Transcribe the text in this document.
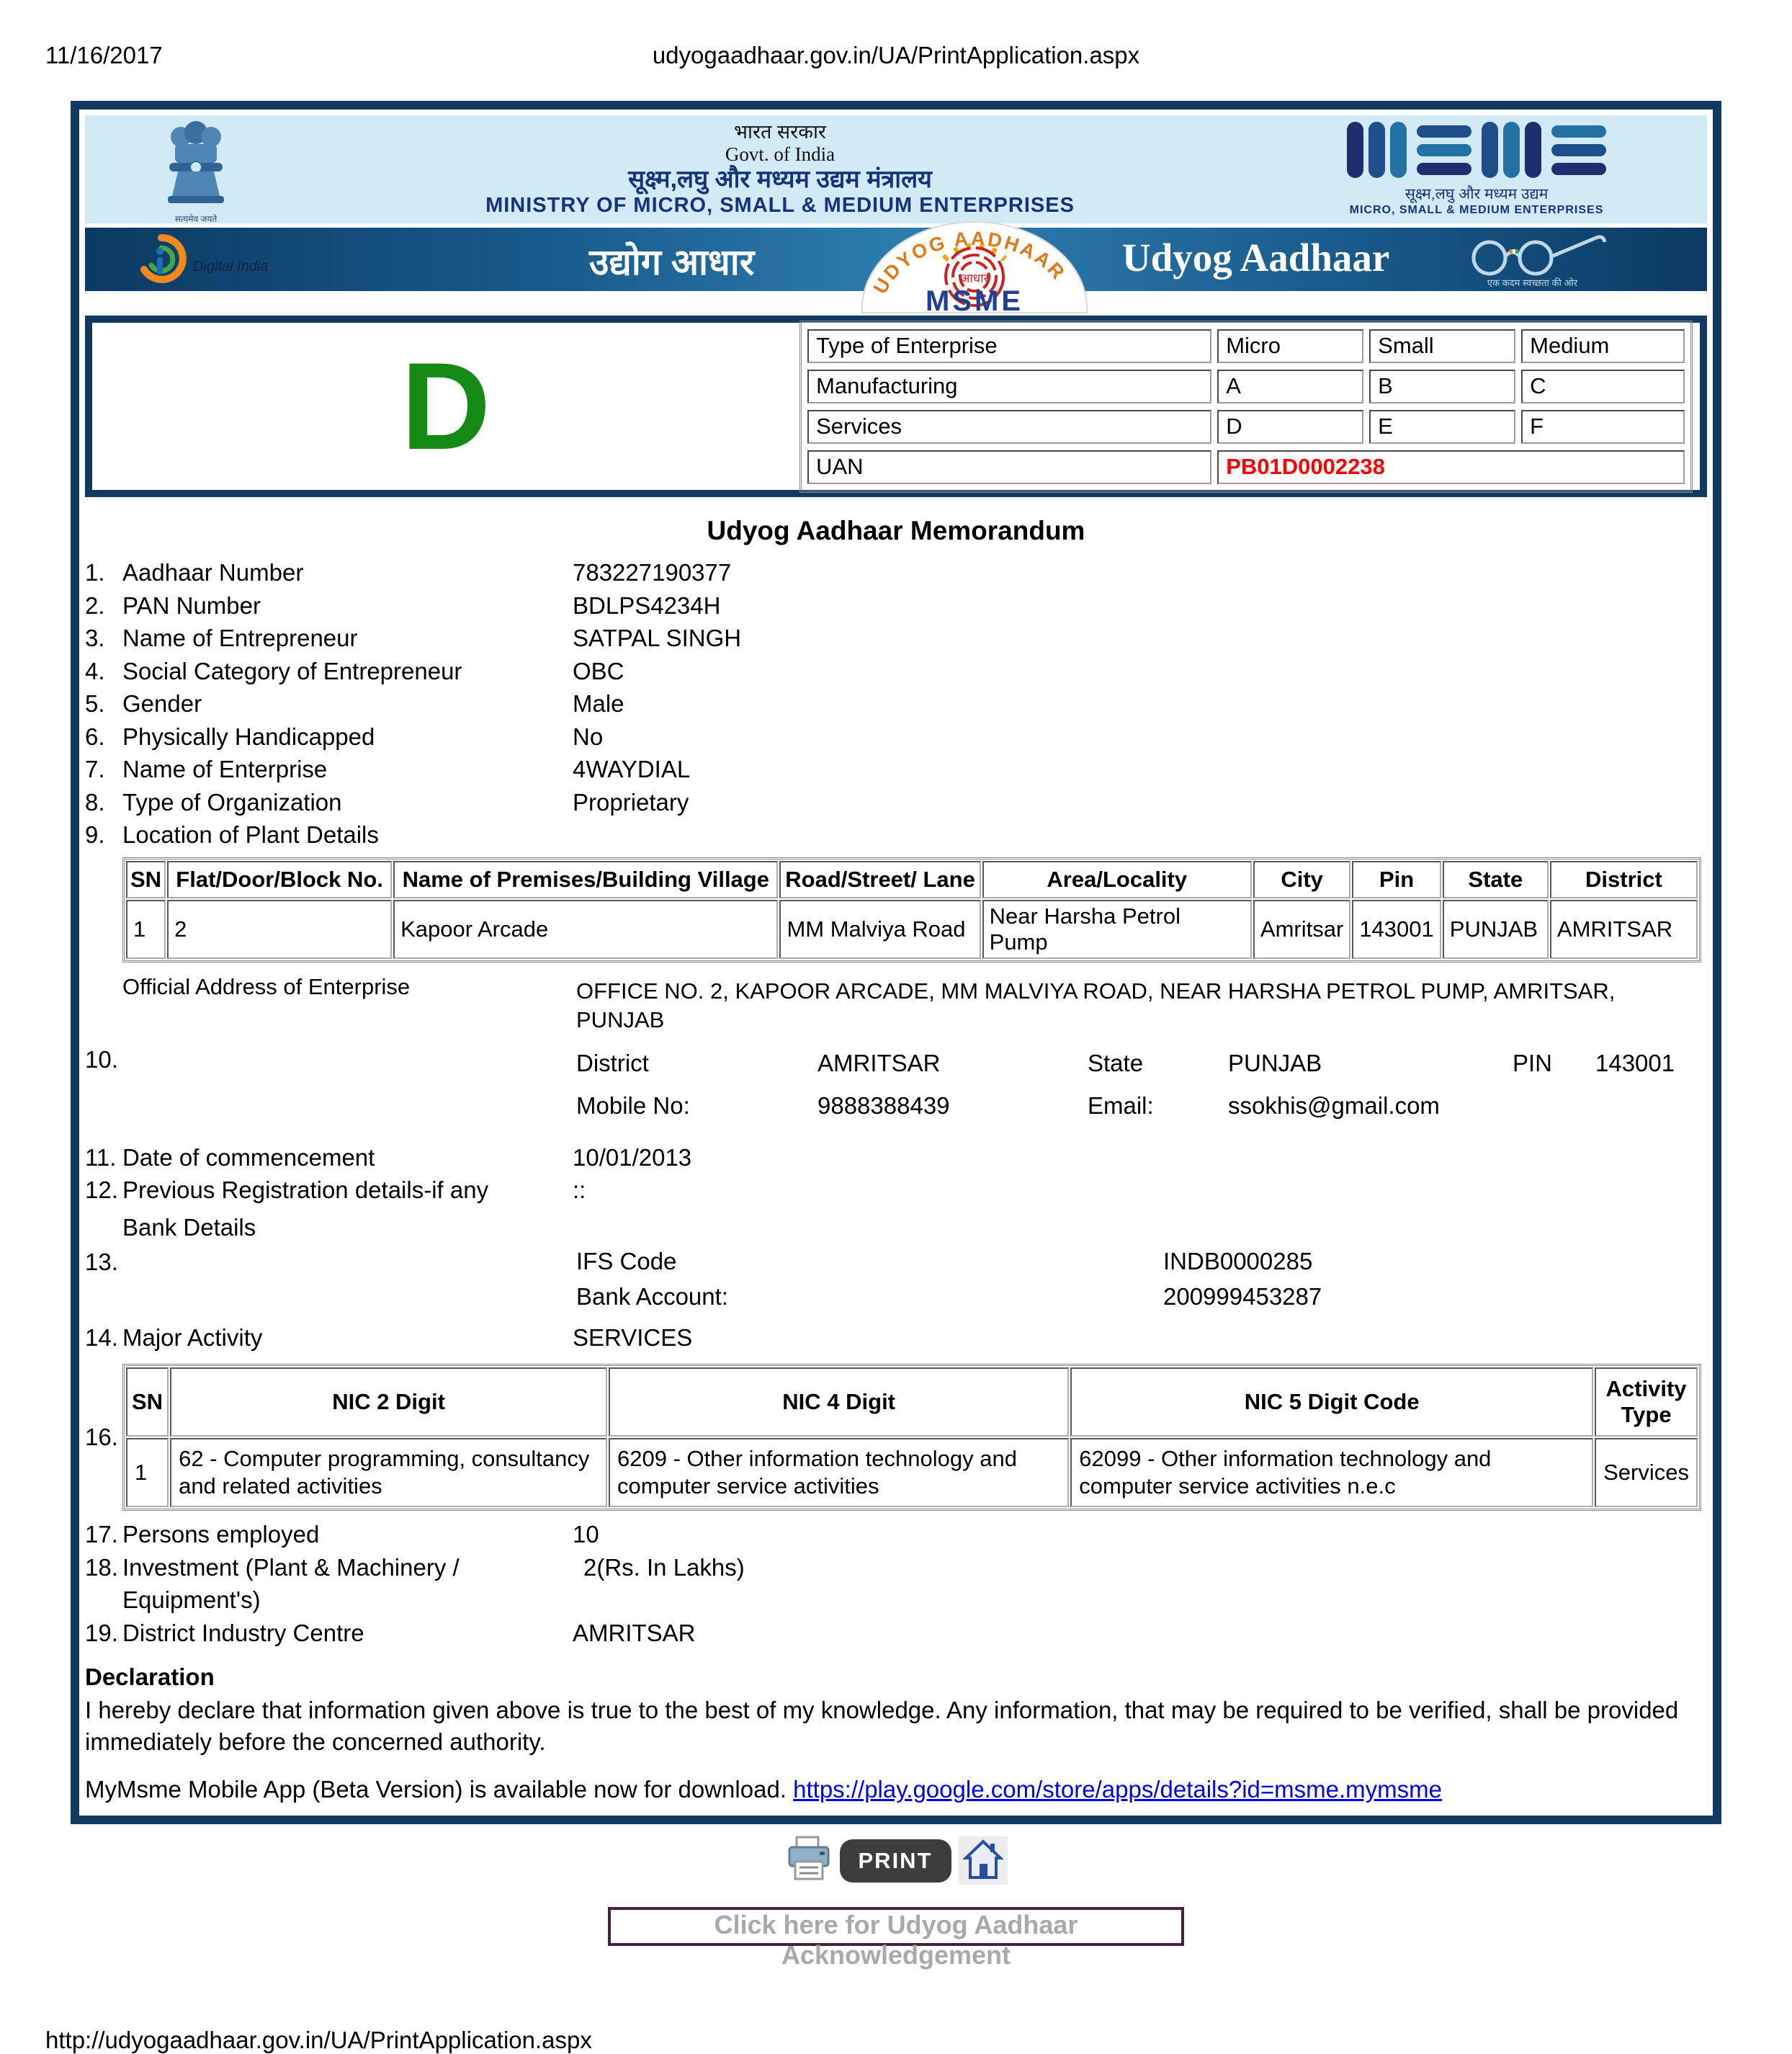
11/16/2017	udyogaadhaar.gov.in/UA/PrintApplication.aspx
सत्यमेव जयते
भारत सरकार
Govt. of India
सूक्ष्म,लघु और मध्यम उद्यम मंत्रालय
MINISTRY OF MICRO, SMALL & MEDIUM ENTERPRISES	सूक्ष्म,लघु और मध्यम उद्यम
MICRO, SMALL & MEDIUM ENTERPRISES
Digital India	उद्योग आधार
UDYOG AADHAAR
आधार
MSME
Udyog Aadhaar
एक कदम स्वच्छता की ओर
D	Type of Enterprise	Micro	Small	Medium
Manufacturing	A	B	C
Services	D	E	F
UAN	PB01D0002238		
Udyog Aadhaar Memorandum
1. Aadhaar Number	783227190377
2. PAN Number	BDLPS4234H
3. Name of Entrepreneur	SATPAL SINGH
4. Social Category of Entrepreneur	OBC
5. Gender	Male
6. Physically Handicapped	No
7. Name of Enterprise	4WAYDIAL
8. Type of Organization	Proprietary
9. Location of Plant Details
SN	Flat/Door/Block No.	Name of Premises/Building Village	Road/Street/ Lane	Area/Locality	City	Pin	State	District
1	2	Kapoor Arcade	MM Malviya Road	Near Harsha Petrol Pump	Amritsar	143001	PUNJAB	AMRITSAR
Official Address of Enterprise	OFFICE NO. 2, KAPOOR ARCADE, MM MALVIYA ROAD, NEAR HARSHA PETROL PUMP, AMRITSAR, PUNJAB
10.	District	AMRITSAR	State	PUNJAB	PIN	143001
Mobile No:	9888388439	Email:	ssokhis@gmail.com
11. Date of commencement	10/01/2013
12. Previous Registration details-if any	::
13.
Bank Details
IFS Code	INDB0000285
Bank Account:	200999453287
14. Major Activity	SERVICES
16.
SN	NIC 2 Digit	NIC 4 Digit	NIC 5 Digit Code	Activity Type
1	62 - Computer programming, consultancy and related activities	6209 - Other information technology and computer service activities	62099 - Other information technology and computer service activities n.e.c	Services
17. Persons employed	10
18. Investment (Plant & Machinery / Equipment's)
2(Rs. In Lakhs)
19. District Industry Centre	AMRITSAR
Declaration
I hereby declare that information given above is true to the best of my knowledge. Any information, that may be required to be verified, shall be provided immediately before the concerned authority.
MyMsme Mobile App (Beta Version) is available now for download. https://play.google.com/store/apps/details?id=msme.mymsme
PRINT
Click here for Udyog Aadhaar Acknowledgement
http://udyogaadhaar.gov.in/UA/PrintApplication.aspx
